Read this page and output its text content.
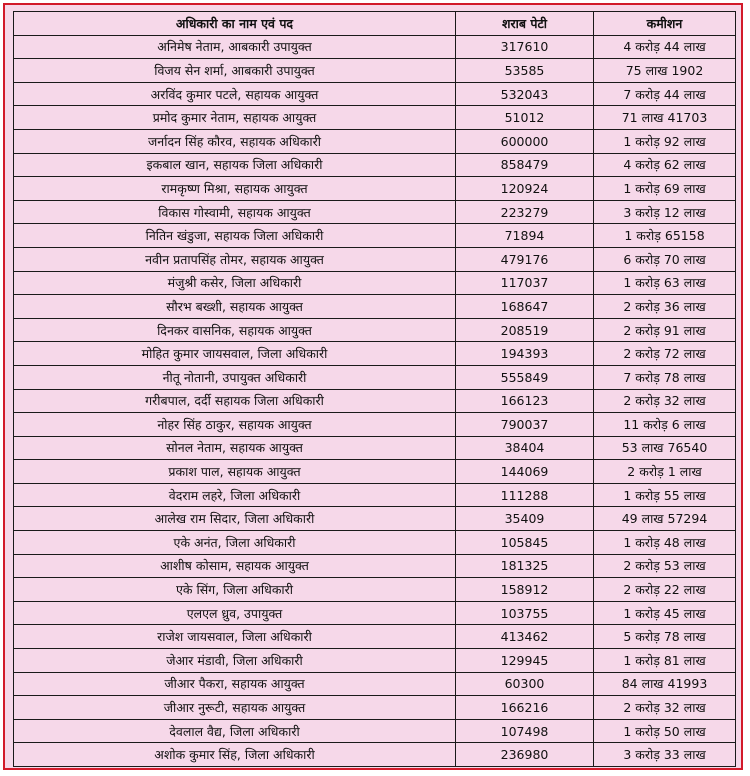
अधिकारी का नाम एवं पद	शराब पेटी	कमीशन
अनिमेष नेताम, आबकारी उपायुक्त	317610	4 करोड़ 44 लाख
विजय सेन शर्मा, आबकारी उपायुक्त	53585	75 लाख 1902
अरविंद कुमार पटले, सहायक आयुक्त	532043	7 करोड़ 44 लाख
प्रमोद कुमार नेताम, सहायक आयुक्त	51012	71 लाख 41703
जर्नादन सिंह कौरव, सहायक अधिकारी	600000	1 करोड़ 92 लाख
इकबाल खान, सहायक जिला अधिकारी	858479	4 करोड़ 62 लाख
रामकृष्ण मिश्रा, सहायक आयुक्त	120924	1 करोड़ 69 लाख
विकास गोस्वामी, सहायक आयुक्त	223279	3 करोड़ 12 लाख
नितिन खंडुजा, सहायक जिला अधिकारी	71894	1 करोड़ 65158
नवीन प्रतापसिंह तोमर, सहायक आयुक्त	479176	6 करोड़ 70 लाख
मंजुश्री कसेर, जिला अधिकारी	117037	1 करोड़ 63 लाख
सौरभ बख्शी, सहायक आयुक्त	168647	2 करोड़ 36 लाख
दिनकर वासनिक, सहायक आयुक्त	208519	2 करोड़ 91 लाख
मोहित कुमार जायसवाल, जिला अधिकारी	194393	2 करोड़ 72 लाख
नीतू नोतानी, उपायुक्त अधिकारी	555849	7 करोड़ 78 लाख
गरीबपाल, दर्दी सहायक जिला अधिकारी	166123	2 करोड़ 32 लाख
नोहर सिंह ठाकुर, सहायक आयुक्त	790037	11 करोड़ 6 लाख
सोनल नेताम, सहायक आयुक्त	38404	53 लाख 76540
प्रकाश पाल, सहायक आयुक्त	144069	2 करोड़ 1 लाख
वेदराम लहरे, जिला अधिकारी	111288	1 करोड़ 55 लाख
आलेख राम सिदार, जिला अधिकारी	35409	49 लाख 57294
एके अनंत, जिला अधिकारी	105845	1 करोड़ 48 लाख
आशीष कोसाम, सहायक आयुक्त	181325	2 करोड़ 53 लाख
एके सिंग, जिला अधिकारी	158912	2 करोड़ 22 लाख
एलएल ध्रुव, उपायुक्त	103755	1 करोड़ 45 लाख
राजेश जायसवाल, जिला अधिकारी	413462	5 करोड़ 78 लाख
जेआर मंडावी, जिला अधिकारी	129945	1 करोड़ 81 लाख
जीआर पैकरा, सहायक आयुक्त	60300	84 लाख 41993
जीआर नुरूटी, सहायक आयुक्त	166216	2 करोड़ 32 लाख
देवलाल वैद्य, जिला अधिकारी	107498	1 करोड़ 50 लाख
अशोक कुमार सिंह, जिला अधिकारी	236980	3 करोड़ 33 लाख
